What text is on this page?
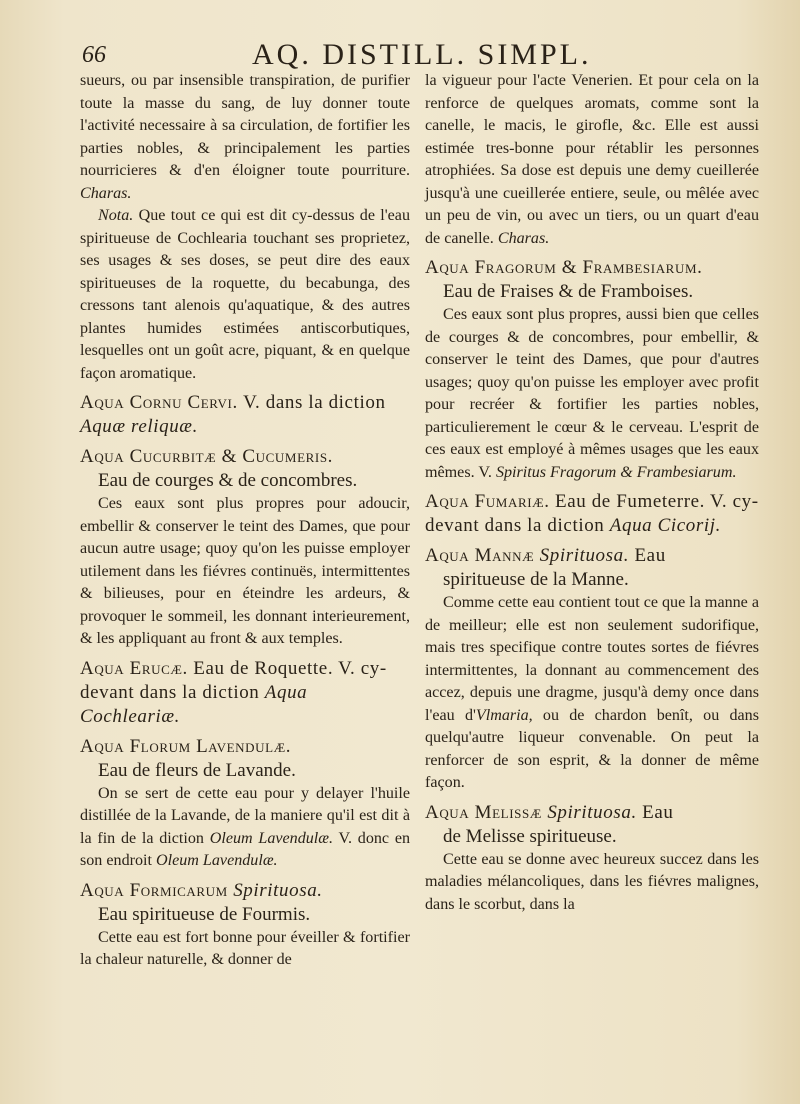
66	AQ. DISTILL. SIMPL.

sueurs, ou par insensible transpiration, de purifier toute la masse du sang, de luy donner toute l'activité necessaire à sa circulation, de fortifier les parties nobles, & principalement les parties nourricieres & d'en éloigner toute pourriture. Charas.

Nota. Que tout ce qui est dit cy-dessus de l'eau spiritueuse de Cochlearia touchant ses proprietez, ses usages & ses doses, se peut dire des eaux spiritueuses de la roquette, du becabunga, des cressons tant alenois qu'aquatique, & des autres plantes humides estimées antiscorbutiques, lesquelles ont un goût acre, piquant, & en quelque façon aromatique.

Aqua Cornu Cervi. V. dans la diction Aquæ reliquæ.
Aqua Cucurbitæ & Cucumeris.
Eau de courges & de concombres.

Ces eaux sont plus propres pour adoucir, embellir & conserver le teint des Dames, que pour aucun autre usage; quoy qu'on les puisse employer utilement dans les fiévres continuës, intermittentes & bilieuses, pour en éteindre les ardeurs, & provoquer le sommeil, les donnant interieurement, & les appliquant au front & aux temples.

Aqua Erucæ. Eau de Roquette. V. cy-devant dans la diction Aqua Cochleariæ.
Aqua Florum Lavendulæ.
Eau de fleurs de Lavande.

On se sert de cette eau pour y delayer l'huile distillée de la Lavande, de la maniere qu'il est dit à la fin de la diction Oleum Lavendulæ. V. donc en son endroit Oleum Lavendulæ.

Aqua Formicarum Spirituosa.
Eau spiritueuse de Fourmis.

Cette eau est fort bonne pour éveiller & fortifier la chaleur naturelle, & donner de

la vigueur pour l'acte Venerien. Et pour cela on la renforce de quelques aromats, comme sont la canelle, le macis, le girofle, &c. Elle est aussi estimée tres-bonne pour rétablir les personnes atrophiées. Sa dose est depuis une demy cueillerée jusqu'à une cueillerée entiere, seule, ou mêlée avec un peu de vin, ou avec un tiers, ou un quart d'eau de canelle. Charas.

Aqua Fragorum & Frambesiarum.
Eau de Fraises & de Framboises.

Ces eaux sont plus propres, aussi bien que celles de courges & de concombres, pour embellir, & conserver le teint des Dames, que pour d'autres usages; quoy qu'on puisse les employer avec profit pour recréer & fortifier les parties nobles, particulierement le cœur & le cerveau. L'esprit de ces eaux est employé à mêmes usages que les eaux mêmes. V. Spiritus Fragorum & Frambesiarum.

Aqua Fumariæ. Eau de Fumeterre. V. cy-devant dans la diction Aqua Cicorij.
Aqua Mannæ Spirituosa. Eau
spiritueuse de la Manne.

Comme cette eau contient tout ce que la manne a de meilleur; elle est non seulement sudorifique, mais tres specifique contre toutes sortes de fiévres intermittentes, la donnant au commencement des accez, depuis une dragme, jusqu'à demy once dans l'eau d'Vlmaria, ou de chardon benît, ou dans quelqu'autre liqueur convenable. On peut la renforcer de son esprit, & la donner de même façon.

Aqua Melissæ Spirituosa. Eau
de Melisse spiritueuse.

Cette eau se donne avec heureux succez dans les maladies mélancoliques, dans les fiévres malignes, dans le scorbut, dans la
